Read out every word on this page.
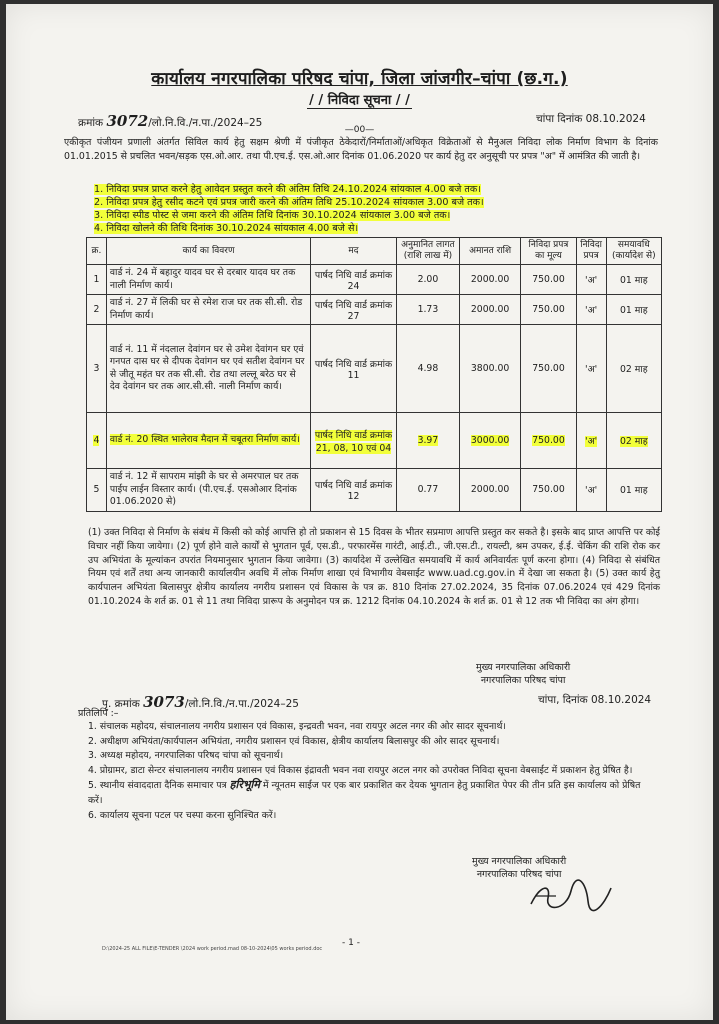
कार्यालय नगरपालिका परिषद चांपा, जिला जांजगीर–चांपा (छ.ग.)
/ / निविदा सूचना / /
क्रमांक 3072/लो.नि.वि./न.पा./2024–25	चांपा दिनांक 08.10.2024
—00—
एकीकृत पंजीयन प्रणाली अंतर्गत सिविल कार्य हेतु सक्षम श्रेणी में पंजीकृत ठेकेदारों/निर्माताओं/अधिकृत विक्रेताओं से मैनुअल निविदा लोक निर्माण विभाग के दिनांक 01.01.2015 से प्रचलित भवन/सड़क एस.ओ.आर. तथा पी.एच.ई. एस.ओ.आर दिनांक 01.06.2020 पर कार्य हेतु दर अनुसूची पर प्रपत्र "अ" में आमंत्रित की जाती है।
1. निविदा प्रपत्र प्राप्त करने हेतु आवेदन प्रस्तुत करने की अंतिम तिथि 24.10.2024 सांयकाल 4.00 बजे तक।
2. निविदा प्रपत्र हेतु रसीद कटने एवं प्रपत्र जारी करने की अंतिम तिथि 25.10.2024 सांयकाल 3.00 बजे तक।
3. निविदा स्पीड पोस्ट से जमा करने की अंतिम तिथि दिनांक 30.10.2024 सांयकाल 3.00 बजे तक।
4. निविदा खोलने की तिथि दिनांक 30.10.2024 सांयकाल 4.00 बजे से।
क्र.	कार्य का विवरण	मद	अनुमानित लागत (राशि लाख में)	अमानत राशि	निविदा प्रपत्र का मूल्य	निविदा प्रपत्र	समयावधि (कार्यादेश से)
1	वार्ड नं. 24 में बहादुर यादव घर से दरबार यादव घर तक नाली निर्माण कार्य।	पार्षद निधि वार्ड क्रमांक 24	2.00	2000.00	750.00	'अ'	01 माह
2	वार्ड नं. 27 में लिकी घर से रमेश राज घर तक सी.सी. रोड निर्माण कार्य।	पार्षद निधि वार्ड क्रमांक 27	1.73	2000.00	750.00	'अ'	01 माह
3	वार्ड नं. 11 में नंदलाल देवांगन घर से उमेश देवांगन घर एवं गनपत दास घर से दीपक देवांगन घर एवं सतीश देवांगन घर से जीतू महंत घर तक सी.सी. रोड तथा लल्लू बरेठ घर से देव देवांगन घर तक आर.सी.सी. नाली निर्माण कार्य।	पार्षद निधि वार्ड क्रमांक 11	4.98	3800.00	750.00	'अ'	02 माह
4	वार्ड नं. 20 स्थित भालेराव मैदान में चबूतरा निर्माण कार्य।	पार्षद निधि वार्ड क्रमांक 21, 08, 10 एवं 04	3.97	3000.00	750.00	'अ'	02 माह
5	वार्ड नं. 12 में सापराम मांझी के घर से अमरपाल घर तक पाईप लाईन विस्तार कार्य। (पी.एच.ई. एसओआर दिनांक 01.06.2020 से)	पार्षद निधि वार्ड क्रमांक 12	0.77	2000.00	750.00	'अ'	01 माह
(1) उक्त निविदा से निर्माण के संबंध में किसी को कोई आपत्ति हो तो प्रकाशन से 15 दिवस के भीतर सप्रमाण आपत्ति प्रस्तुत कर सकते है। इसके बाद प्राप्त आपत्ति पर कोई विचार नहीं किया जायेगा। (2) पूर्ण होने वाले कार्यों से भुगतान पूर्व, एस.डी., परफारमेंस गारंटी, आई.टी., जी.एस.टी., रायल्टी, श्रम उपकर, ई.ई. चेकिंग की राशि रोक कर उप अभियंता के मूल्यांकन उपरांत नियमानुसार भुगतान किया जावेगा। (3) कार्यादेश में उल्लेखित समयावधि में कार्य अनिवार्यतः पूर्ण करना होगा। (4) निविदा से संबंधित नियम एवं शर्तें तथा अन्य जानकारी कार्यालयीन अवधि में लोक निर्माण शाखा एवं विभागीय वेबसाईट www.uad.cg.gov.in में देखा जा सकता है। (5) उक्त कार्य हेतु कार्यपालन अभियंता बिलासपुर क्षेत्रीय कार्यालय नगरीय प्रशासन एवं विकास के पत्र क्र. 810 दिनांक 27.02.2024, 35 दिनांक 07.06.2024 एवं 429 दिनांक 01.10.2024 के शर्त क्र. 01 से 11 तथा निविदा प्रारूप के अनुमोदन पत्र क्र. 1212 दिनांक 04.10.2024 के शर्त क्र. 01 से 12 तक भी निविदा का अंग होगा।
मुख्य नगरपालिका अधिकारी
नगरपालिका परिषद चांपा
पृ. क्रमांक 3073/लो.नि.वि./न.पा./2024–25	चांपा, दिनांक 08.10.2024
प्रतिलिपि :–
1. संचालक महोदय, संचालनालय नगरीय प्रशासन एवं विकास, इन्द्रवती भवन, नवा रायपुर अटल नगर की ओर सादर सूचनार्थ।
2. अधीक्षण अभियंता/कार्यपालन अभियंता, नगरीय प्रशासन एवं विकास, क्षेत्रीय कार्यालय बिलासपुर की ओर सादर सूचनार्थ।
3. अध्यक्ष महोदय, नगरपालिका परिषद चांपा को सूचनार्थ।
4. प्रोग्रामर, डाटा सेन्टर संचालनालय नगरीय प्रशासन एवं विकास इंद्रावती भवन नवा रायपुर अटल नगर को उपरोक्त निविदा सूचना वेबसाईट में प्रकाशन हेतु प्रेषित है।
5. स्थानीय संवाददाता दैनिक समाचार पत्र हरिभूमि में न्यूनतम साईज पर एक बार प्रकाशित कर देयक भुगतान हेतु प्रकाशित पेपर की तीन प्रति इस कार्यालय को प्रेषित करें।
6. कार्यालय सूचना पटल पर चस्पा करना सुनिश्चित करें।
मुख्य नगरपालिका अधिकारी
नगरपालिका परिषद चांपा
- 1 -
D:\2024-25 ALL FILE\E-TENDER \2024 work period.mad 08-10-2024\05 works period.doc
